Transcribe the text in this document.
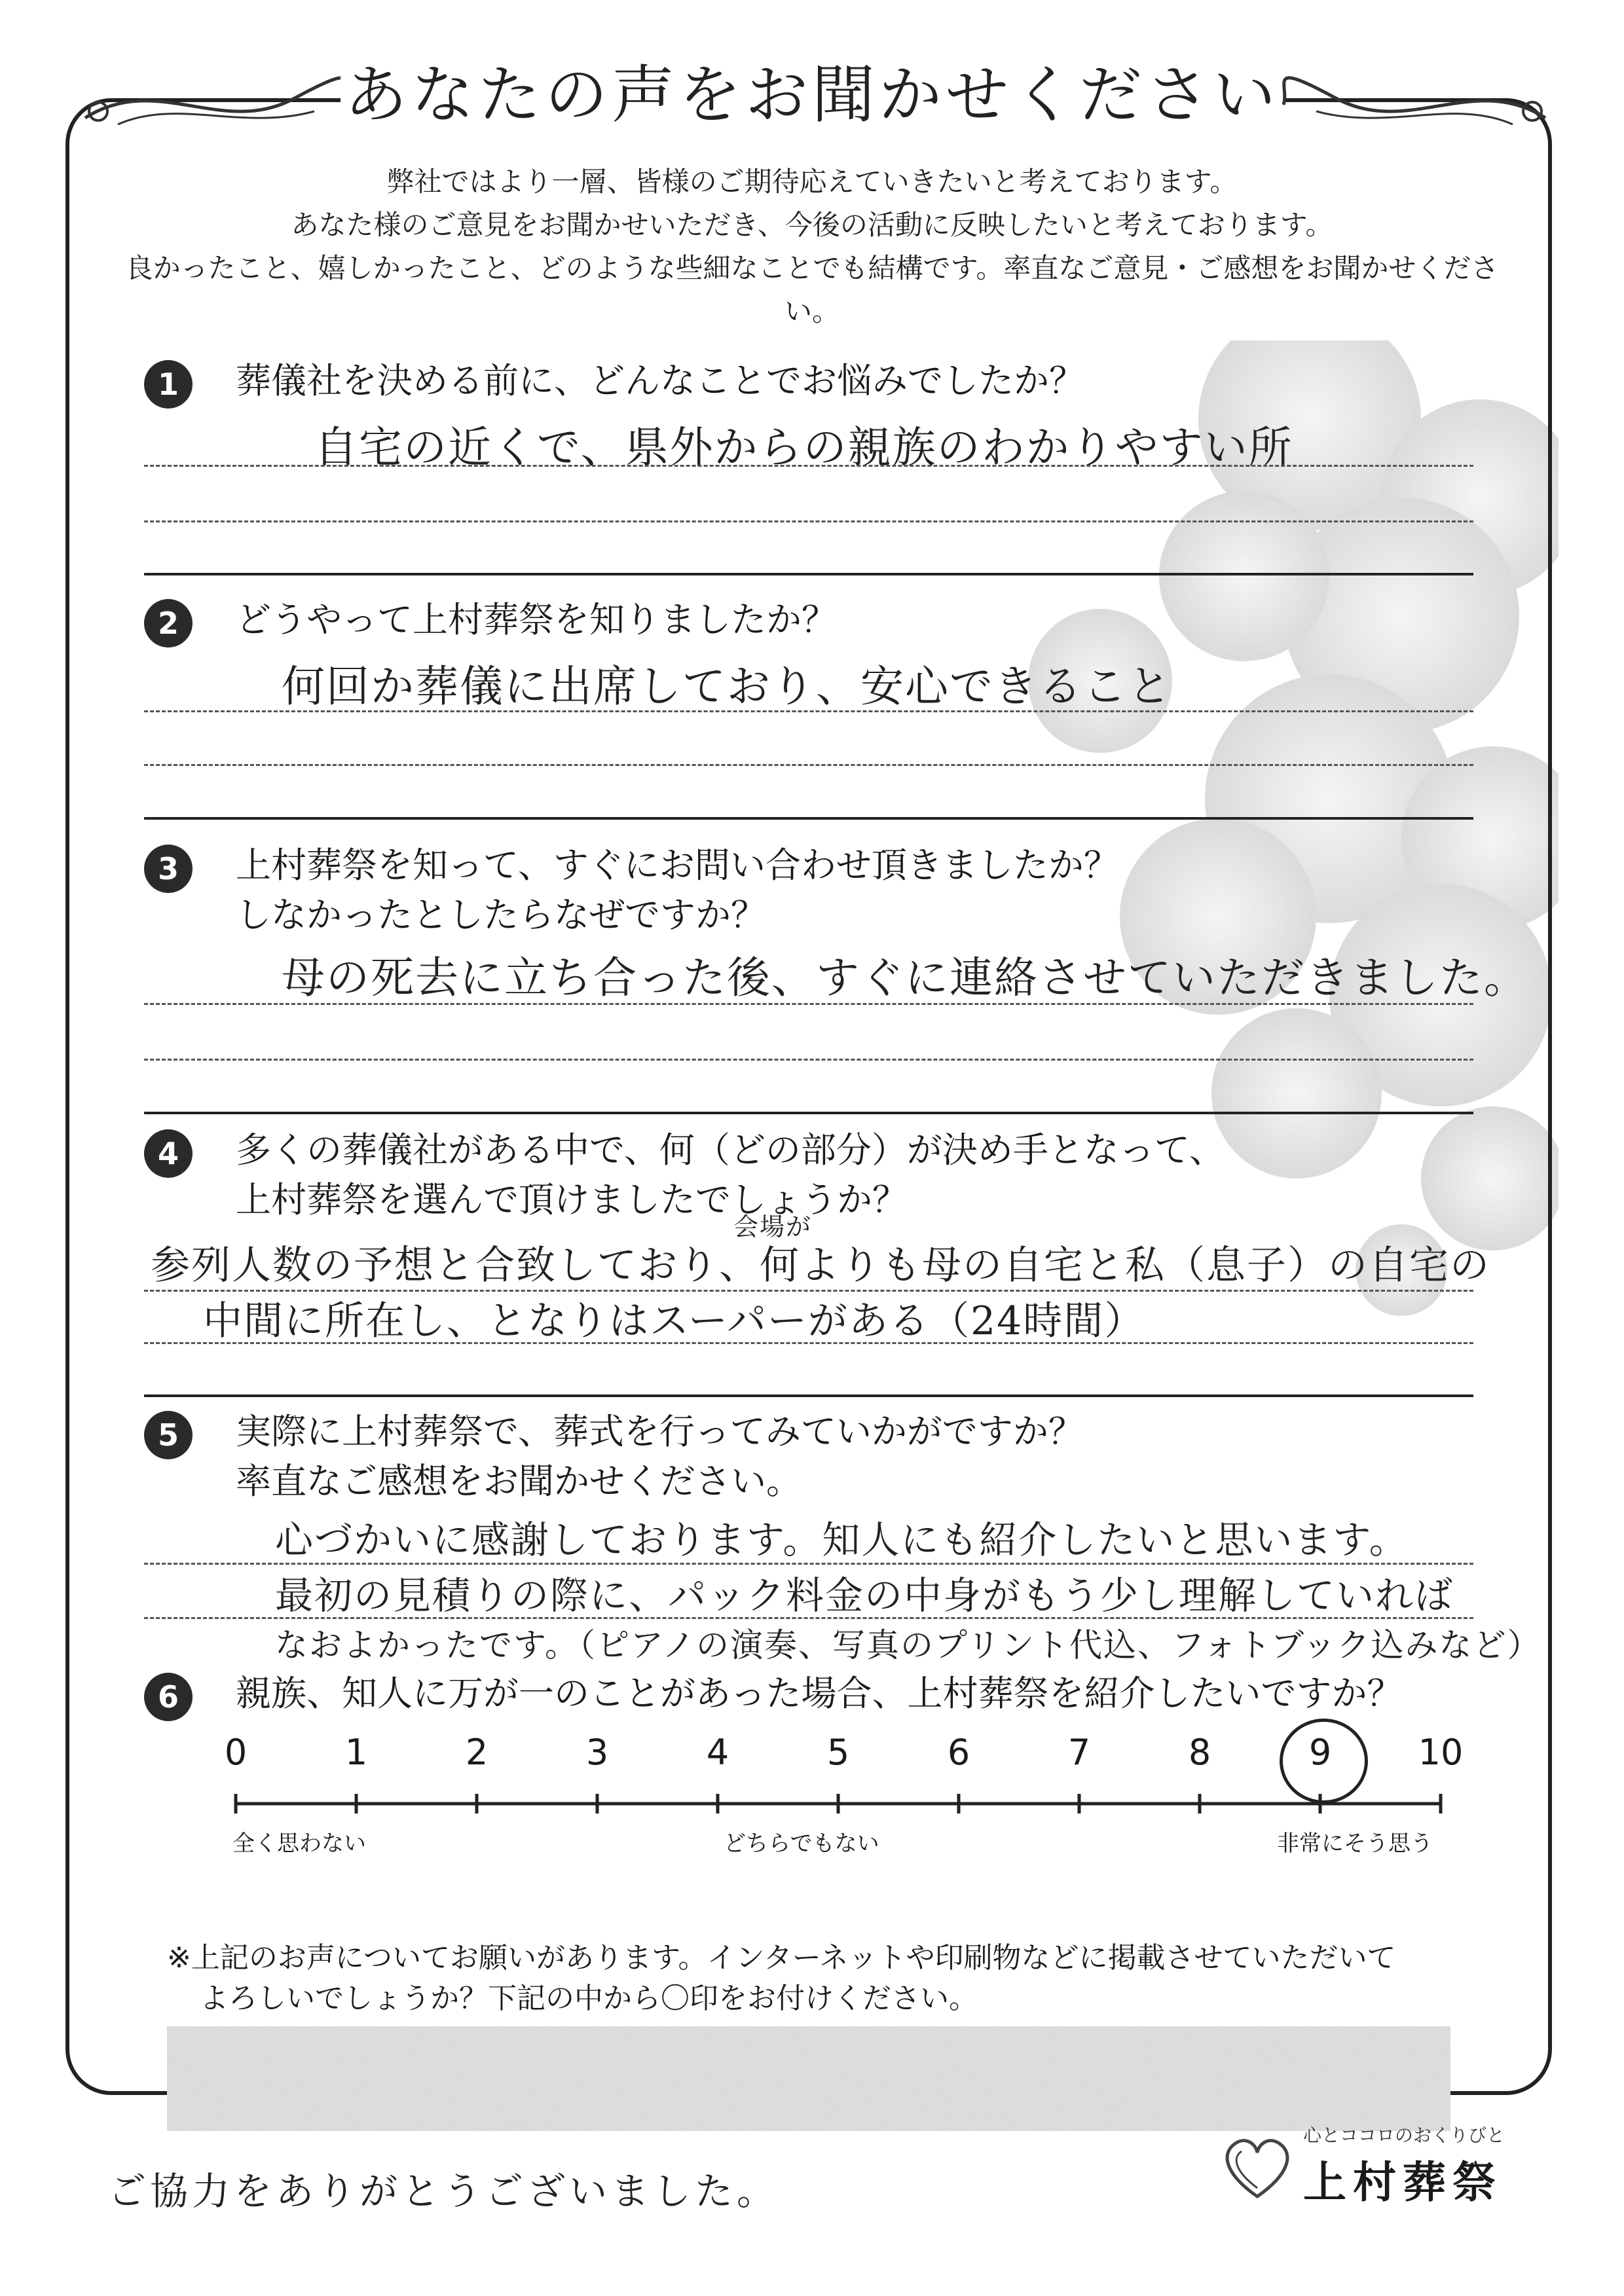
あなたの声をお聞かせください
弊社ではより一層、皆様のご期待応えていきたいと考えております。
あなた様のご意見をお聞かせいただき、今後の活動に反映したいと考えております。
良かったこと、嬉しかったこと、どのような些細なことでも結構です。率直なご意見・ご感想をお聞かせください。
1	葬儀社を決める前に、どんなことでお悩みでしたか？
自宅の近くで、県外からの親族のわかりやすい所
2	どうやって上村葬祭を知りましたか？
何回か葬儀に出席しており、安心できること
3	上村葬祭を知って、すぐにお問い合わせ頂きましたか？
しなかったとしたらなぜですか？
母の死去に立ち合った後、すぐに連絡させていただきました。
4	多くの葬儀社がある中で、何（どの部分）が決め手となって、
上村葬祭を選んで頂けましたでしょうか？
会場が
参列人数の予想と合致しており、何よりも母の自宅と私（息子）の自宅の
中間に所在し、となりはスーパーがある（24時間）
5	実際に上村葬祭で、葬式を行ってみていかがですか？
率直なご感想をお聞かせください。
心づかいに感謝しております。知人にも紹介したいと思います。
最初の見積りの際に、パック料金の中身がもう少し理解していれば
なおよかったです。（ピアノの演奏、写真のプリント代込、フォトブック込みなど）
6	親族、知人に万が一のことがあった場合、上村葬祭を紹介したいですか？
0	1	2	3	4	5	6	7	8	9	10
全く思わない	どちらでもない	非常にそう思う
※上記のお声についてお願いがあります。インターネットや印刷物などに掲載させていただいて
よろしいでしょうか？下記の中から〇印をお付けください。
ご協力をありがとうございました。
心とココロのおくりびと
上村葬祭
